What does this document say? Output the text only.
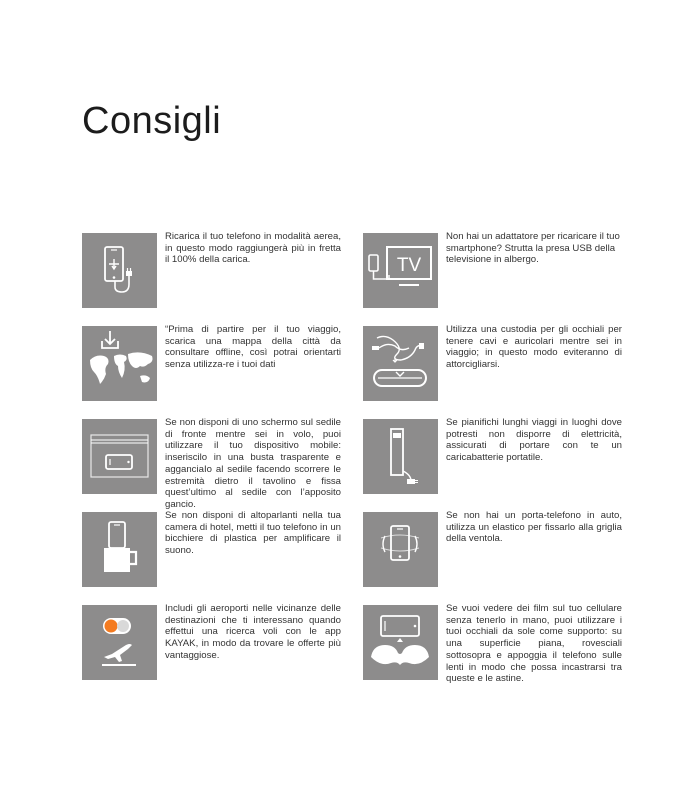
Consigli
Ricarica il tuo telefono in modalità aerea, in questo modo raggiungerà più in fretta il 100% della carica.	TV
Non hai un adattatore per ricaricare il tuo smartphone? Strutta la presa USB della televisione in albergo.
“Prima di partire per il tuo viaggio, scarica una mappa della città da consultare offline, così potrai orientarti senza utilizza-re i tuoi dati
Utilizza una custodia per gli occhiali per tenere cavi e auricolari mentre sei in viaggio; in questo modo eviteranno di attorcigliarsi.
Se non disponi di uno schermo sul sedile di fronte mentre sei in volo, puoi utilizzare il tuo dispositivo mobile: inseriscilo in una busta trasparente e agganciaIo al sedile facendo scorrere le estremità dietro il tavolino e fissa quest’ultimo al sedile con l’apposito gancio.
Se pianifichi lunghi viaggi in luoghi dove potresti non disporre di elettricità, assicurati di portare con te un caricabatterie portatile.
Se non disponi di altoparlanti nella tua camera di hotel, metti il tuo telefono in un bicchiere di plastica per amplificare il suono.
Se non hai un porta-telefono in auto, utilizza un elastico per fissarlo alla griglia della ventola.
Includi gli aeroporti nelle vicinanze delle destinazioni che ti interessano quando effettui una ricerca voli con le app KAYAK, in modo da trovare le offerte più vantaggiose.
Se vuoi vedere dei film sul tuo cellulare senza tenerlo in mano, puoi utilizzare i tuoi occhiali da sole come supporto: su una superficie piana, rovesciali sottosopra e appoggia il telefono sulle lenti in modo che possa incastrarsi tra queste e le astine.
